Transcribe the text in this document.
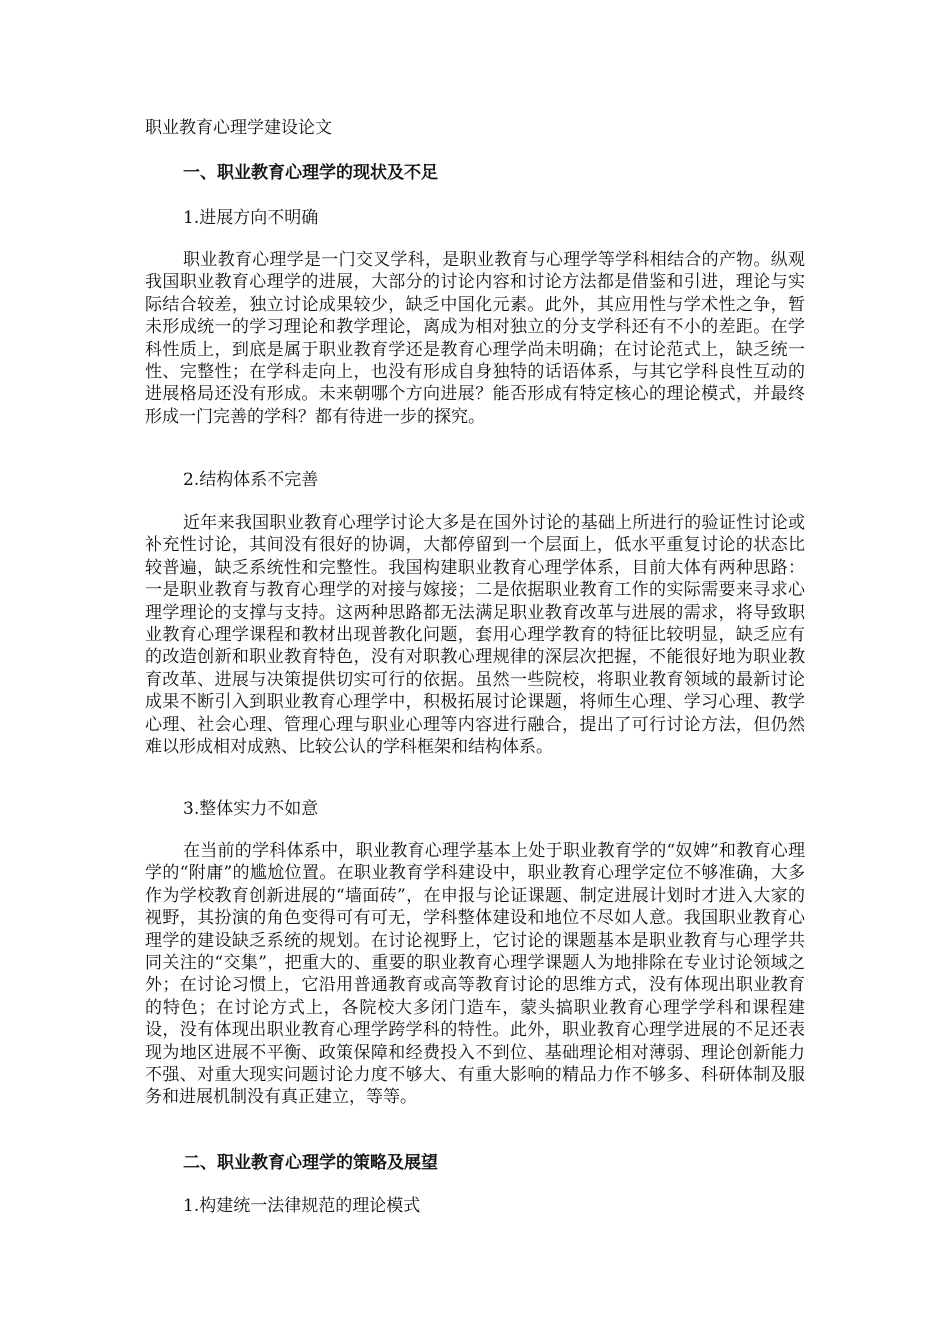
职业教育心理学建设论文
一、职业教育心理学的现状及不足
1.进展方向不明确

职业教育心理学是一门交叉学科，是职业教育与心理学等学科相结合的产物。纵观我国职业教育心理学的进展，大部分的讨论内容和讨论方法都是借鉴和引进，理论与实际结合较差，独立讨论成果较少，缺乏中国化元素。此外，其应用性与学术性之争，暂未形成统一的学习理论和教学理论，离成为相对独立的分支学科还有不小的差距。在学科性质上，到底是属于职业教育学还是教育心理学尚未明确；在讨论范式上，缺乏统一性、完整性；在学科走向上，也没有形成自身独特的话语体系，与其它学科良性互动的进展格局还没有形成。未来朝哪个方向进展？能否形成有特定核心的理论模式，并最终形成一门完善的学科？都有待进一步的探究。

2.结构体系不完善

近年来我国职业教育心理学讨论大多是在国外讨论的基础上所进行的验证性讨论或补充性讨论，其间没有很好的协调，大都停留到一个层面上，低水平重复讨论的状态比较普遍，缺乏系统性和完整性。我国构建职业教育心理学体系，目前大体有两种思路：一是职业教育与教育心理学的对接与嫁接；二是依据职业教育工作的实际需要来寻求心理学理论的支撑与支持。这两种思路都无法满足职业教育改革与进展的需求，将导致职业教育心理学课程和教材出现普教化问题，套用心理学教育的特征比较明显，缺乏应有的改造创新和职业教育特色，没有对职教心理规律的深层次把握，不能很好地为职业教育改革、进展与决策提供切实可行的依据。虽然一些院校，将职业教育领域的最新讨论成果不断引入到职业教育心理学中，积极拓展讨论课题，将师生心理、学习心理、教学心理、社会心理、管理心理与职业心理等内容进行融合，提出了可行讨论方法，但仍然难以形成相对成熟、比较公认的学科框架和结构体系。

3.整体实力不如意

在当前的学科体系中，职业教育心理学基本上处于职业教育学的“奴婢”和教育心理学的“附庸”的尴尬位置。在职业教育学科建设中，职业教育心理学定位不够准确，大多作为学校教育创新进展的“墙面砖”，在申报与论证课题、制定进展计划时才进入大家的视野，其扮演的角色变得可有可无，学科整体建设和地位不尽如人意。我国职业教育心理学的建设缺乏系统的规划。在讨论视野上，它讨论的课题基本是职业教育与心理学共同关注的“交集”，把重大的、重要的职业教育心理学课题人为地排除在专业讨论领域之外；在讨论习惯上，它沿用普通教育或高等教育讨论的思维方式，没有体现出职业教育的特色；在讨论方式上，各院校大多闭门造车，蒙头搞职业教育心理学学科和课程建设，没有体现出职业教育心理学跨学科的特性。此外，职业教育心理学进展的不足还表现为地区进展不平衡、政策保障和经费投入不到位、基础理论相对薄弱、理论创新能力不强、对重大现实问题讨论力度不够大、有重大影响的精品力作不够多、科研体制及服务和进展机制没有真正建立，等等。

二、职业教育心理学的策略及展望
1.构建统一法律规范的理论模式
